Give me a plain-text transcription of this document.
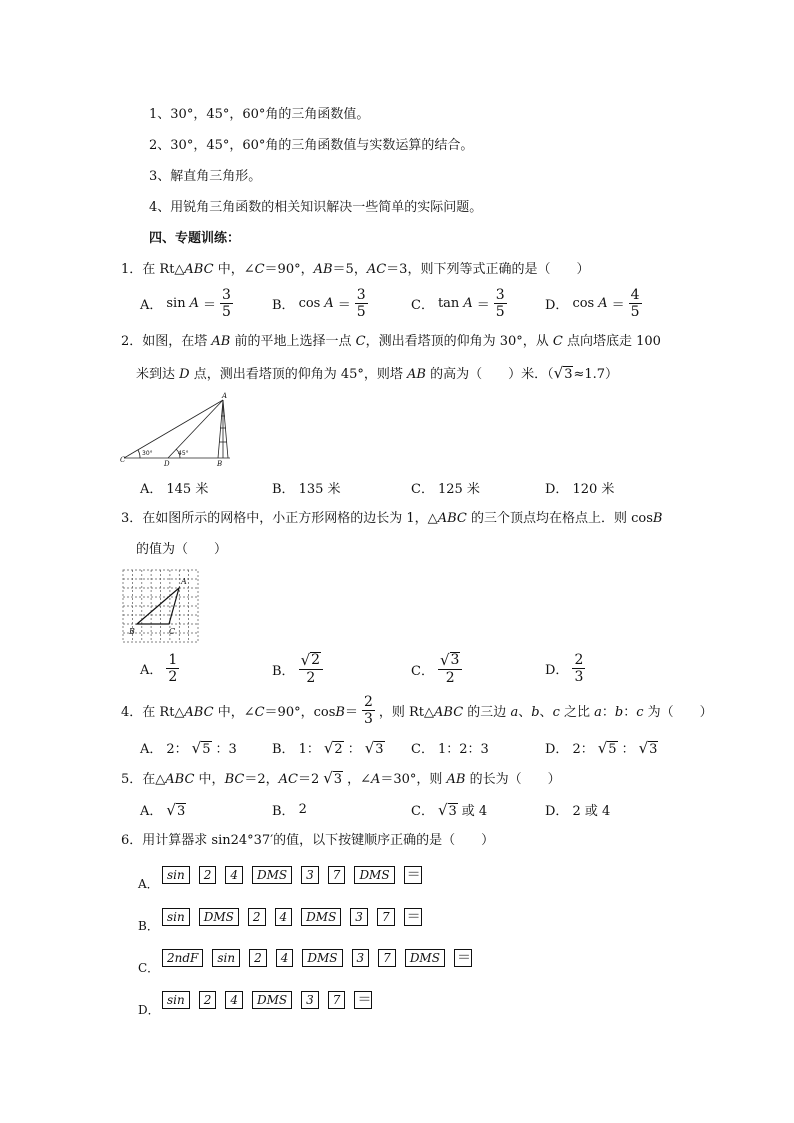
1、30°，45°，60°角的三角函数值。
2、30°，45°，60°角的三角函数值与实数运算的结合。
3、解直角三角形。
4、用锐角三角函数的相关知识解决一些简单的实际问题。
四、专题训练：
1．在 Rt△ABC 中，∠C＝90°，AB＝5，AC＝3，则下列等式正确的是（　　）
A． $\sin A = \frac{3}{5}$	B． $\cos A = \frac{3}{5}$	C． $\tan A = \frac{3}{5}$	D． $\cos A = \frac{4}{5}$
2．如图，在塔 AB 前的平地上选择一点 C，测出看塔顶的仰角为 30°，从 C 点向塔底走 100
米到达 D 点，测出看塔顶的仰角为 45°，则塔 AB 的高为（　　）米．（ √ 3 ≈1.7）
A
C	D	B
30°	45°
A． 145 米	B． 135 米	C． 125 米	D． 120 米
3．在如图所示的网格中，小正方形网格的边长为 1，△ABC 的三个顶点均在格点上．则 cosB
的值为（　　）
A
B	C
A． $\frac{1}{2}$	B． $\frac{√ 2}{2}$	C． $\frac{√ 3}{2}$	D． $\frac{2}{3}$
4．在 Rt△ABC 中，∠C＝90°，$\cos B= \frac{2}{3}$ ，则 Rt△ABC 的三边 a、b、c 之比 a：b：c 为（　　）
A． 2： √ 5 ：3	B． 1： √ 2 ： √ 3 C． 1：2：3	D． 2： √ 5 ： √ 3
5．在△ABC 中，BC＝2，AC＝2 √ 3 ，∠A＝30°，则 AB 的长为（　　）
A． √ 3	B． 2	C． √ 3 或 4	D． 2 或 4
6．用计算器求 sin24°37′的值，以下按键顺序正确的是（　　）
A．
sin	2	4	DMS	3	7	DMS	＝
B．
sin	DMS	2	4	DMS	3	7	＝
C．
2ndF	sin	2	4	DMS	3	7	DMS	＝
D．
sin	2	4	DMS	3	7	＝
